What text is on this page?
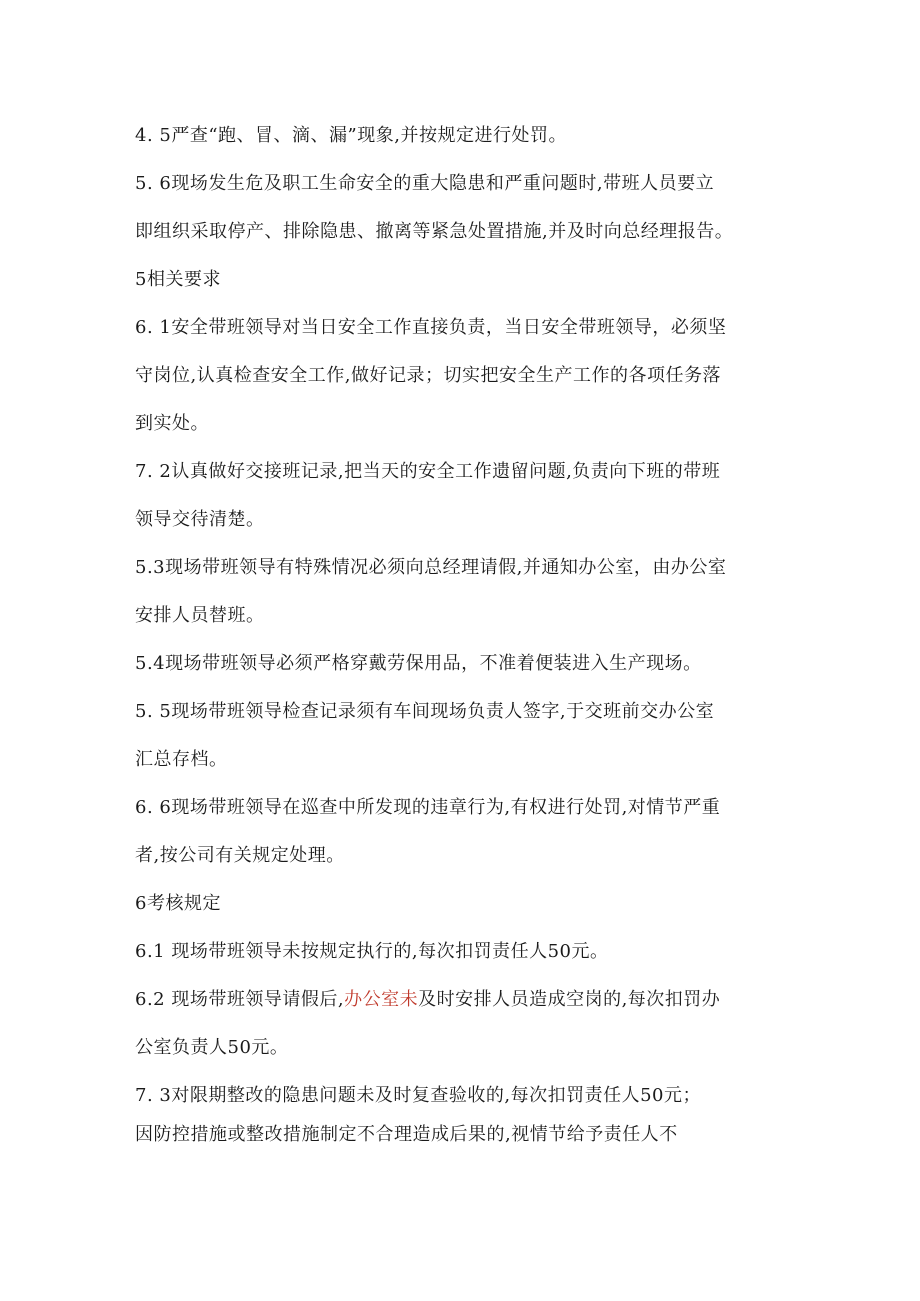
4. 5严查“跑、冒、滴、漏”现象,并按规定进行处罚。

5. 6现场发生危及职工生命安全的重大隐患和严重问题时,带班人员要立
即组织采取停产、排除隐患、撤离等紧急处置措施,并及时向总经理报告。

5相关要求

6. 1安全带班领导对当日安全工作直接负责，当日安全带班领导，必须坚
守岗位,认真检查安全工作,做好记录；切实把安全生产工作的各项任务落
到实处。

7. 2认真做好交接班记录,把当天的安全工作遗留问题,负责向下班的带班
领导交待清楚。

5.3现场带班领导有特殊情况必须向总经理请假,并通知办公室，由办公室
安排人员替班。

5.4现场带班领导必须严格穿戴劳保用品，不准着便装进入生产现场。

5. 5现场带班领导检查记录须有车间现场负责人签字,于交班前交办公室
汇总存档。

6. 6现场带班领导在巡查中所发现的违章行为,有权进行处罚,对情节严重
者,按公司有关规定处理。

6考核规定

6.1 现场带班领导未按规定执行的,每次扣罚责任人50元。

6.2 现场带班领导请假后,办公室未及时安排人员造成空岗的,每次扣罚办
公室负责人50元。

7. 3对限期整改的隐患问题未及时复查验收的,每次扣罚责任人50元；
因防控措施或整改措施制定不合理造成后果的,视情节给予责任人不
